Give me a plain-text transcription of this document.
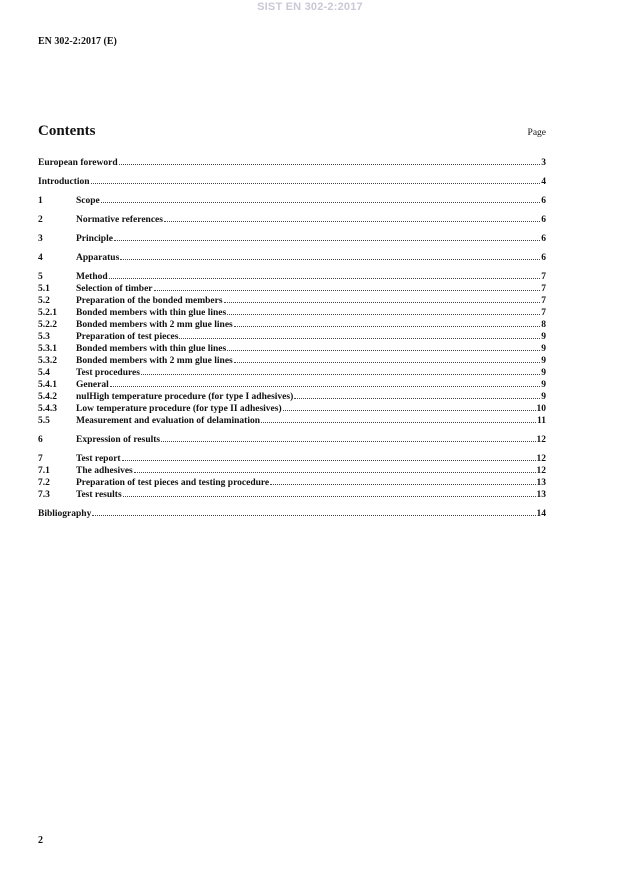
SIST EN 302-2:2017
EN 302-2:2017 (E)
Contents	Page
European foreword	3
Introduction	4
1	Scope	6
2	Normative references	6
3	Principle	6
4	Apparatus	6
5	Method	7
5.1	Selection of timber	7
5.2	Preparation of the bonded members	7
5.2.1	Bonded members with thin glue lines	7
5.2.2	Bonded members with 2 mm glue lines	8
5.3	Preparation of test pieces	9
5.3.1	Bonded members with thin glue lines	9
5.3.2	Bonded members with 2 mm glue lines	9
5.4	Test procedures	9
5.4.1	General	9
5.4.2	nulHigh temperature procedure (for type I adhesives)	9
5.4.3	Low temperature procedure (for type II adhesives)	10
5.5	Measurement and evaluation of delamination	11
6	Expression of results	12
7	Test report	12
7.1	The adhesives	12
7.2	Preparation of test pieces and testing procedure	13
7.3	Test results	13
Bibliography	14
2
